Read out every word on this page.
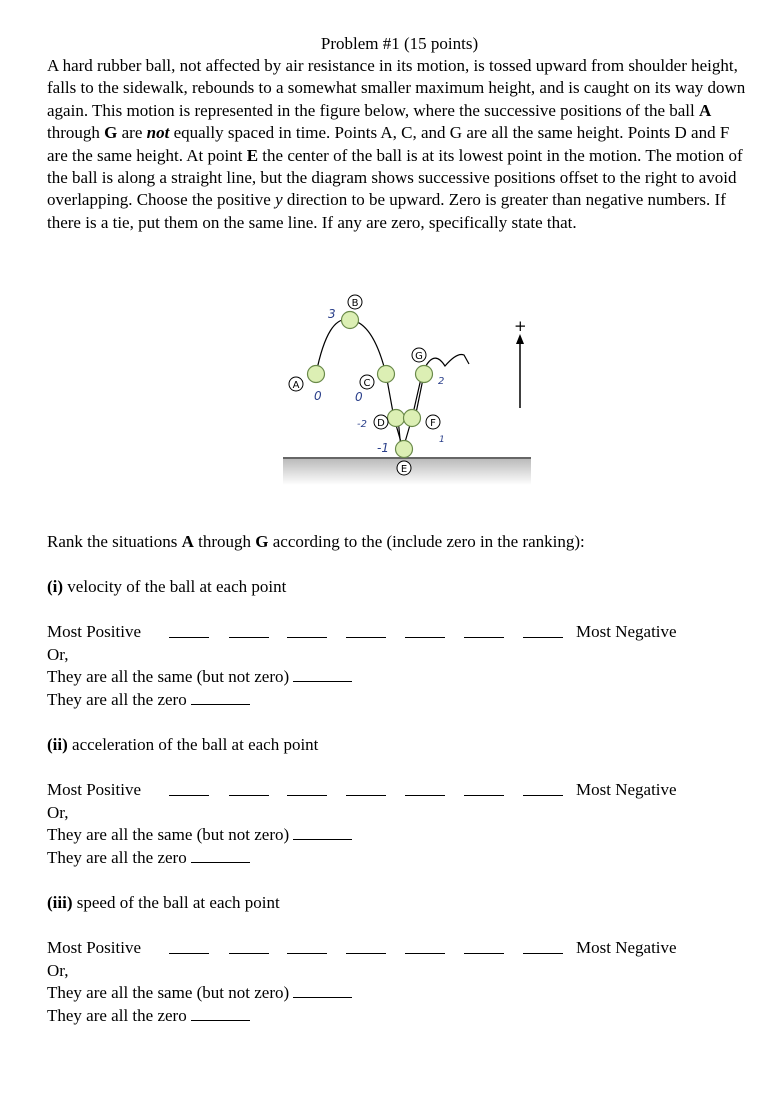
Problem #1 (15 points)

A hard rubber ball, not affected by air resistance in its motion, is tossed upward from shoulder height, falls to the sidewalk, rebounds to a somewhat smaller maximum height, and is caught on its way down again. This motion is represented in the figure below, where the successive positions of the ball A through G are not equally spaced in time. Points A, C, and G are all the same height. Points D and F are the same height. At point E the center of the ball is at its lowest point in the motion. The motion of the ball is along a straight line, but the diagram shows successive positions offset to the right to avoid overlapping. Choose the positive y direction to be upward. Zero is greater than negative numbers. If there is a tie, put them on the same line. If any are zero, specifically state that.

+
A
B
C
D
E
F
G
3
0	0
-2
-1
1
2
Rank the situations A through G according to the (include zero in the ranking):
(i) velocity of the ball at each point
Most Positive	Most Negative
Or,
They are all the same (but not zero)
They are all the zero
(ii) acceleration of the ball at each point
Most Positive	Most Negative
Or,
They are all the same (but not zero)
They are all the zero
(iii) speed of the ball at each point
Most Positive	Most Negative
Or,
They are all the same (but not zero)
They are all the zero
